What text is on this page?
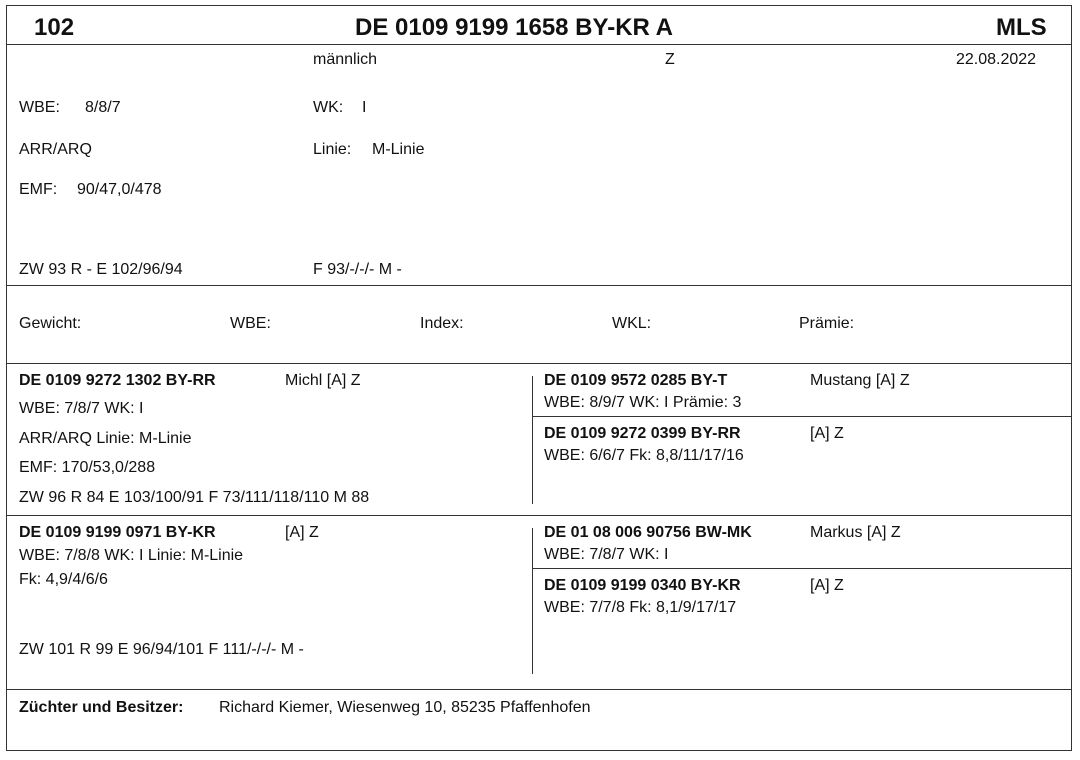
102	DE 0109 9199 1658 BY-KR A	MLS
männlich	Z	22.08.2022
WBE: 8/8/7	WK: I
ARR/ARQ	Linie: M-Linie
EMF: 90/47,0/478
ZW 93 R - E 102/96/94	F 93/-/-/- M -
Gewicht:	WBE:	Index:	WKL:	Prämie:
DE 0109 9272 1302 BY-RR	Michl [A] Z
WBE: 7/8/7 WK: I
ARR/ARQ Linie: M-Linie
EMF: 170/53,0/288
ZW 96 R 84 E 103/100/91 F 73/111/118/110 M 88
DE 0109 9572 0285 BY-T	Mustang [A] Z
WBE: 8/9/7 WK: I Prämie: 3
DE 0109 9272 0399 BY-RR	[A] Z
WBE: 6/6/7 Fk: 8,8/11/17/16
DE 0109 9199 0971 BY-KR	[A] Z
WBE: 7/8/8 WK: I Linie: M-Linie
Fk: 4,9/4/6/6
ZW 101 R 99 E 96/94/101 F 111/-/-/- M -
DE 01 08 006 90756 BW-MK	Markus [A] Z
WBE: 7/8/7 WK: I
DE 0109 9199 0340 BY-KR	[A] Z
WBE: 7/7/8 Fk: 8,1/9/17/17
Züchter und Besitzer: Richard Kiemer, Wiesenweg 10, 85235 Pfaffenhofen
